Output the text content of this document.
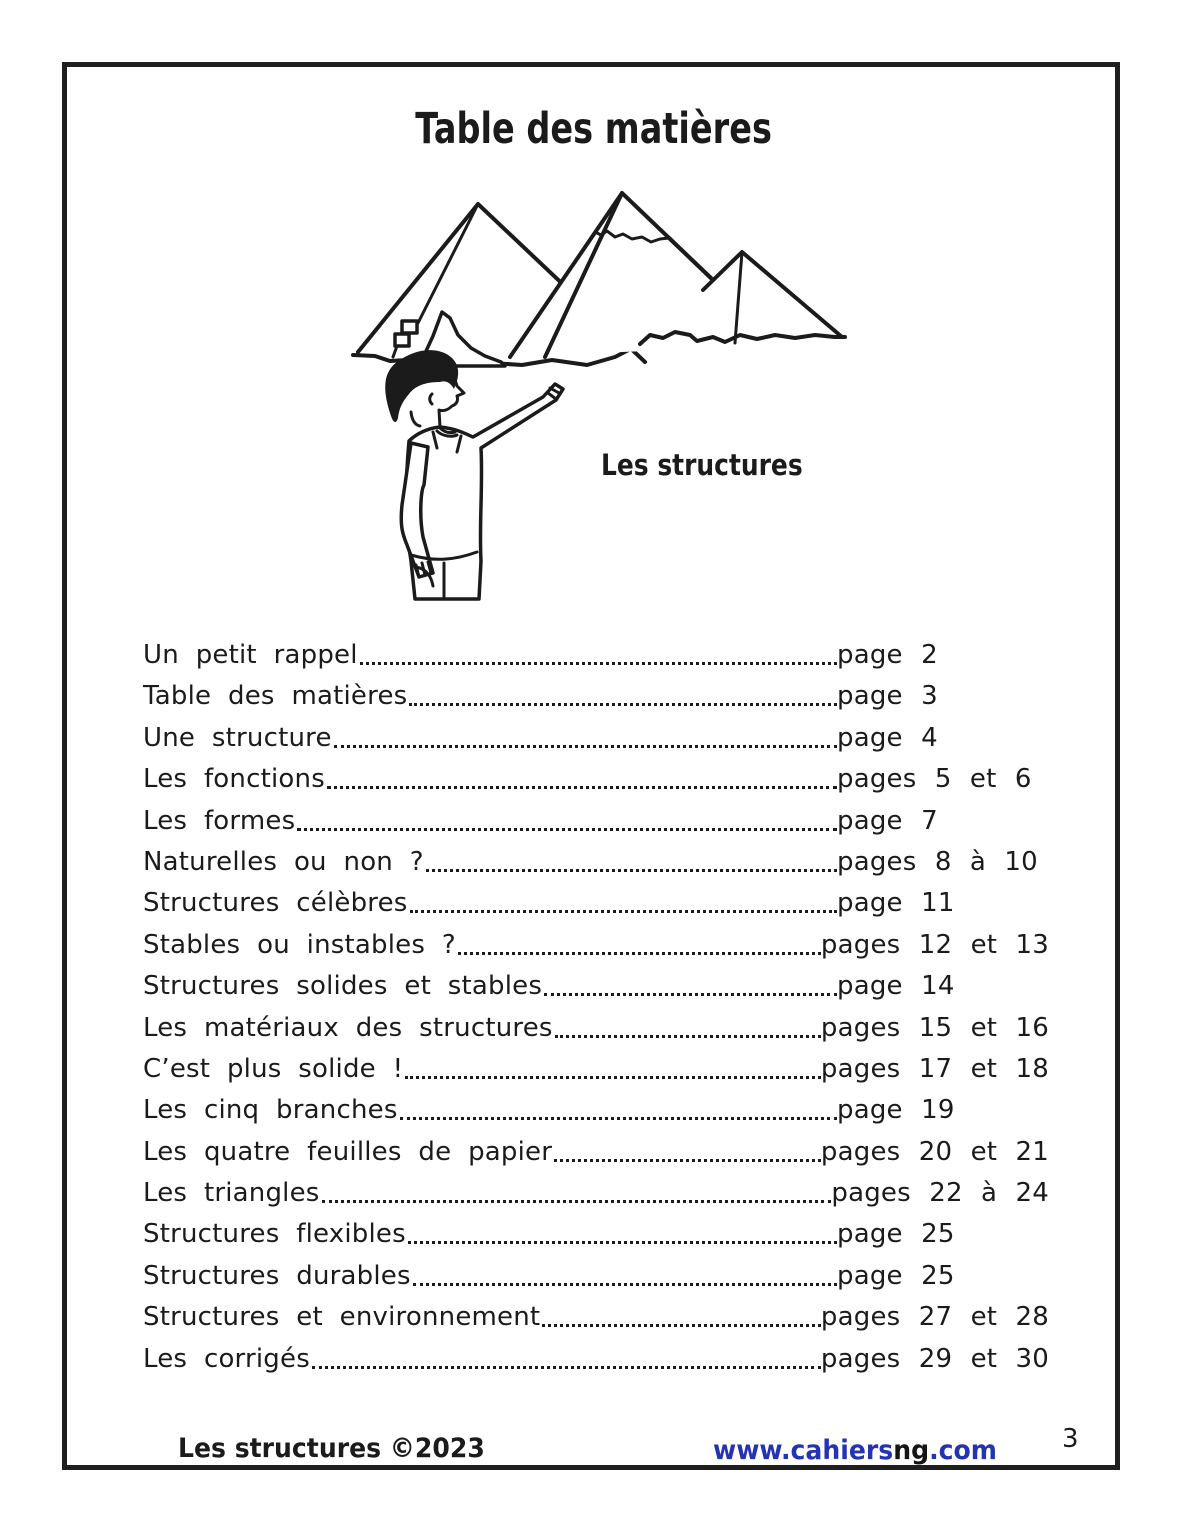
Table des matières
Les structures
Un petit rappel	page 2
Table des matières	page 3
Une structure	page 4
Les fonctions	pages 5 et 6
Les formes	page 7
Naturelles ou non ?	pages 8 à 10
Structures célèbres	page 11
Stables ou instables ?	pages 12 et 13
Structures solides et stables	page 14
Les matériaux des structures	pages 15 et 16
C’est plus solide !	pages 17 et 18
Les cinq branches	page 19
Les quatre feuilles de papier	pages 20 et 21
Les triangles	pages 22 à 24
Structures flexibles	page 25
Structures durables	page 25
Structures et environnement	pages 27 et 28
Les corrigés	pages 29 et 30
Les structures ©2023	www.cahiersng.com	3
